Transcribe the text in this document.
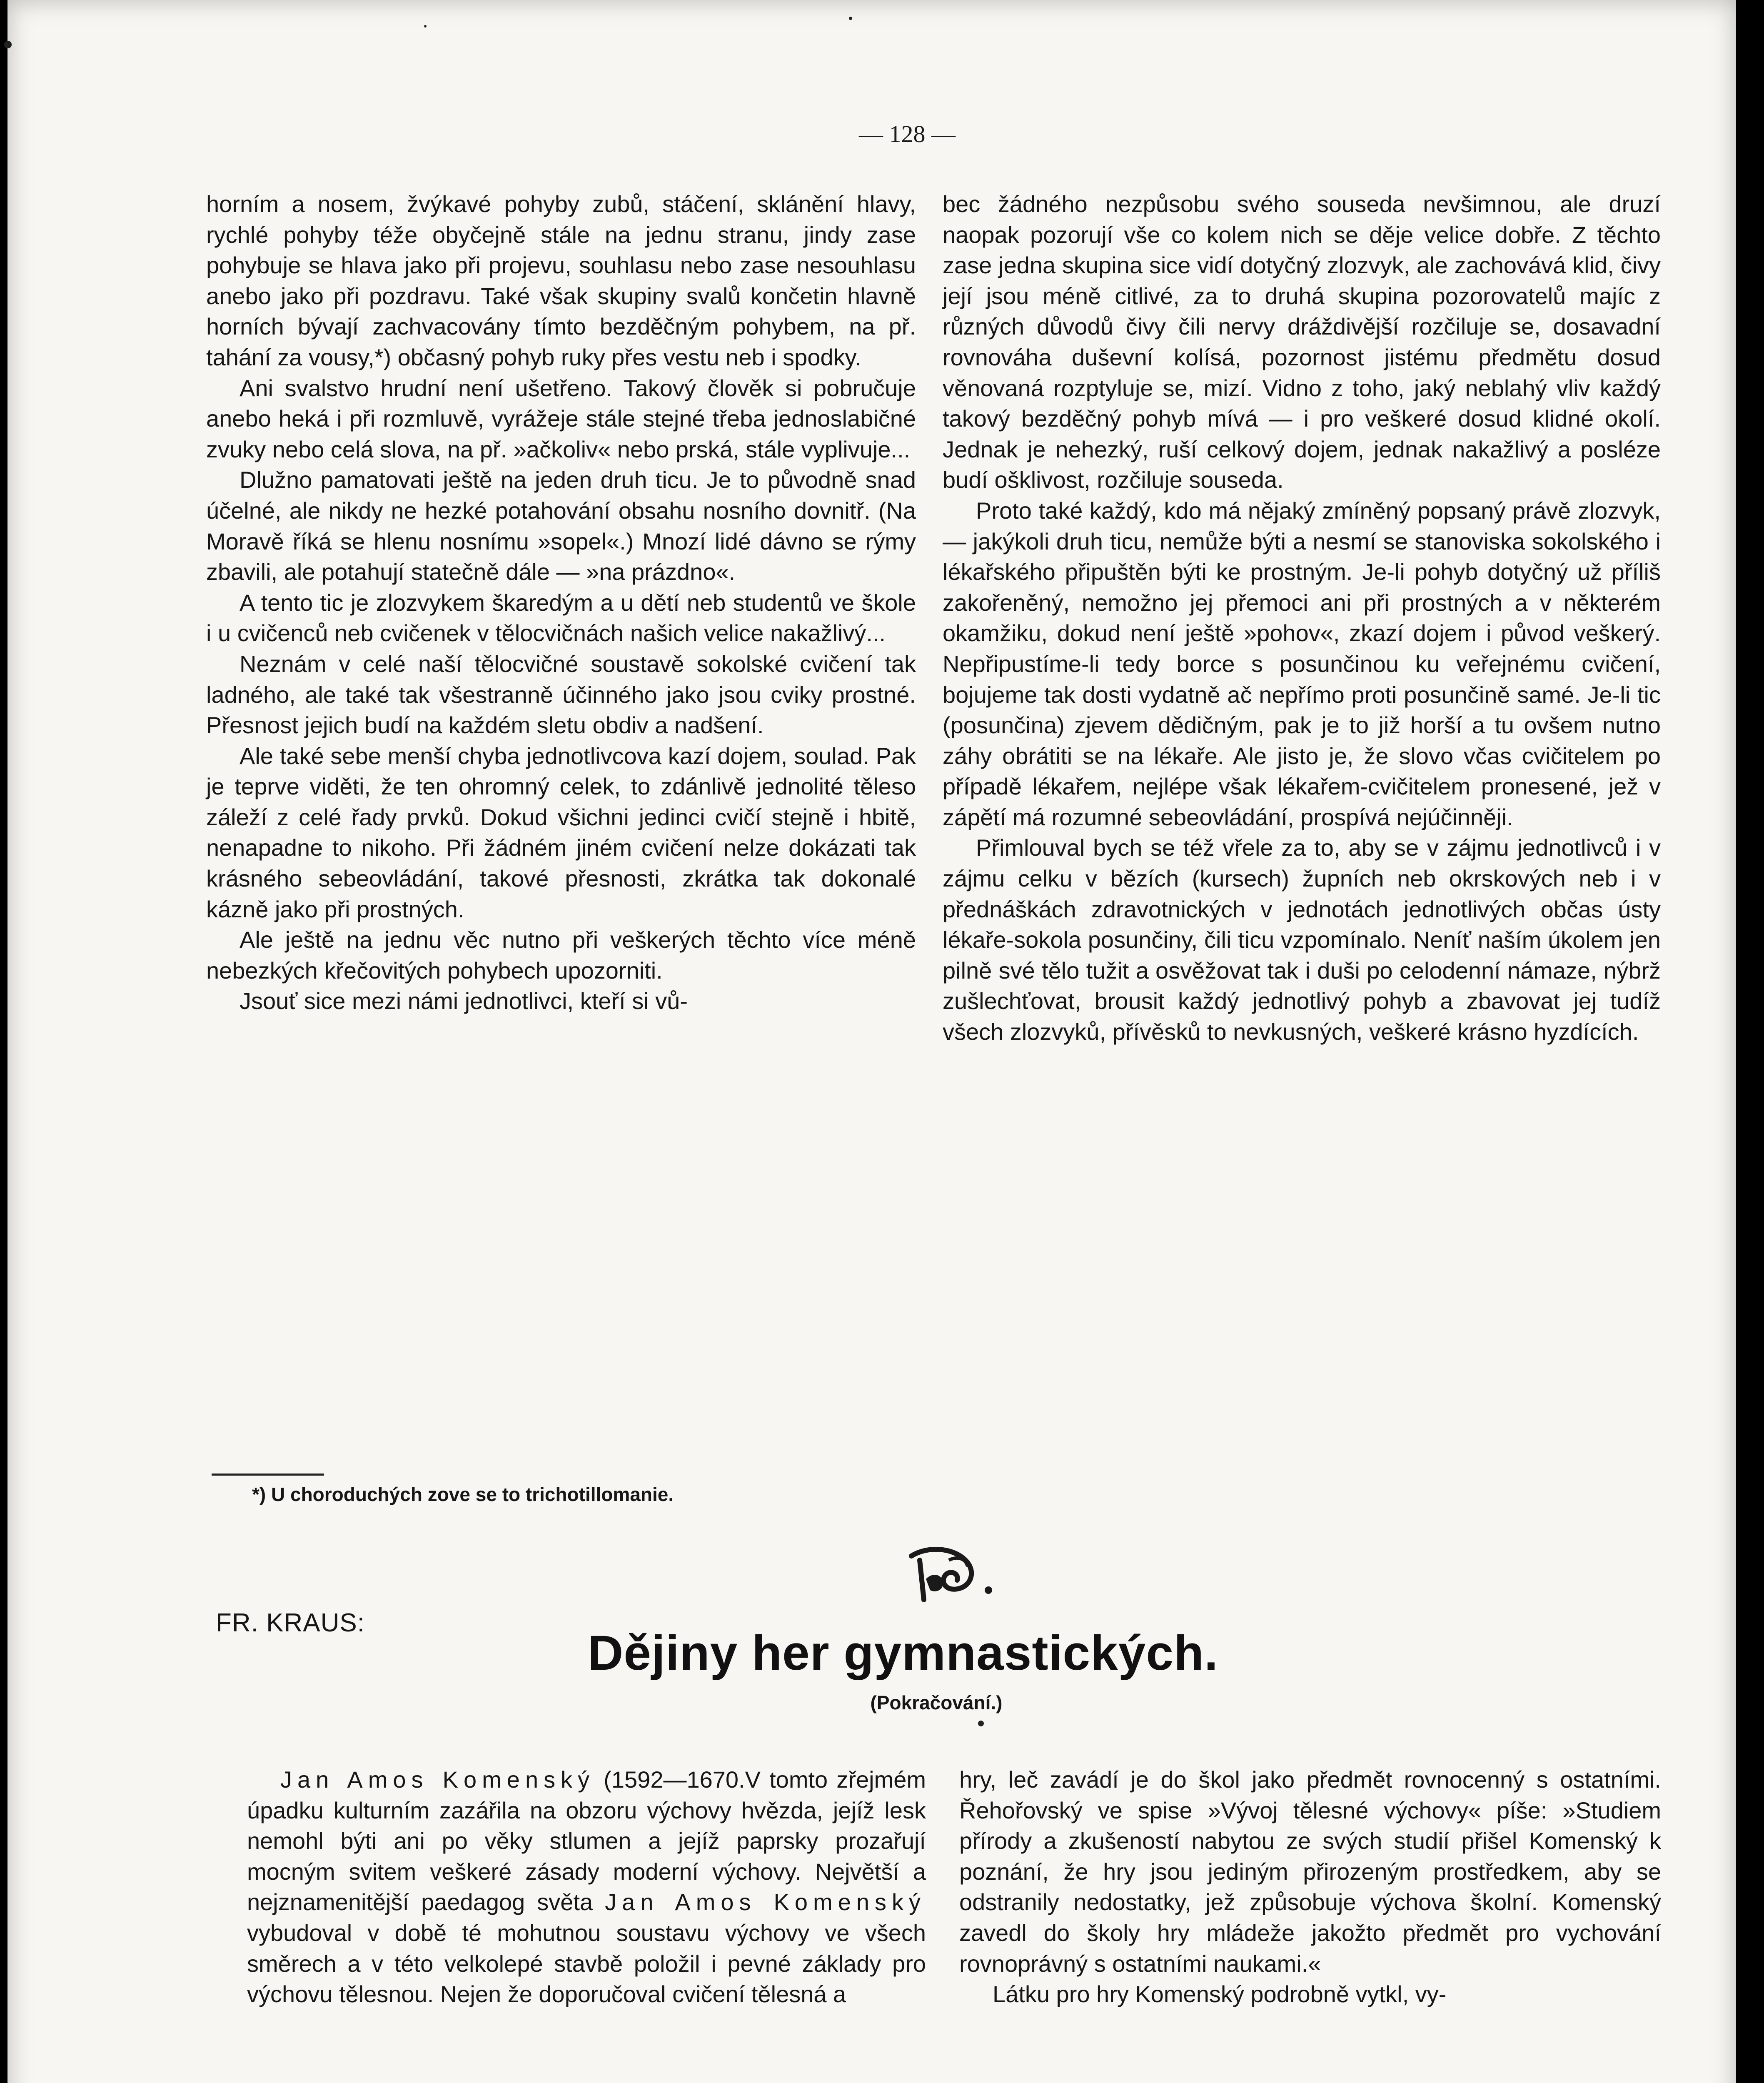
— 128 —

horním a nosem, žvýkavé pohyby zubů, stáčení, sklánění hlavy, rychlé pohyby téže obyčejně stále na jednu stranu, jindy zase pohybuje se hlava jako při projevu, souhlasu nebo zase nesouhlasu anebo jako při pozdravu. Také však skupiny svalů končetin hlavně horních bývají zachvacovány tímto bezděčným pohybem, na př. tahání za vousy,*) občasný pohyb ruky přes vestu neb i spodky.

Ani svalstvo hrudní není ušetřeno. Takový člověk si pobručuje anebo heká i při rozmluvě, vyrážeje stále stejné třeba jednoslabičné zvuky nebo celá slova, na př. »ačkoliv« nebo prská, stále vyplivuje...

Dlužno pamatovati ještě na jeden druh ticu. Je to původně snad účelné, ale nikdy ne hezké potahování obsahu nosního dovnitř. (Na Moravě říká se hlenu nosnímu »sopel«.) Mnozí lidé dávno se rýmy zbavili, ale potahují statečně dále — »na prázdno«.

A tento tic je zlozvykem škaredým a u dětí neb studentů ve škole i u cvičenců neb cvičenek v tělocvičnách našich velice nakažlivý...

Neznám v celé naší tělocvičné soustavě sokolské cvičení tak ladného, ale také tak všestranně účinného jako jsou cviky prostné. Přesnost jejich budí na každém sletu obdiv a nadšení.

Ale také sebe menší chyba jednotlivcova kazí dojem, soulad. Pak je teprve viděti, že ten ohromný celek, to zdánlivě jednolité těleso záleží z celé řady prvků. Dokud všichni jedinci cvičí stejně i hbitě, nenapadne to nikoho. Při žádném jiném cvičení nelze dokázati tak krásného sebeovládání, takové přesnosti, zkrátka tak dokonalé kázně jako při prostných.

Ale ještě na jednu věc nutno při veškerých těchto více méně nebezkých křečovitých pohybech upozorniti.

Jsouť sice mezi námi jednotlivci, kteří si vů-

bec žádného nezpůsobu svého souseda nevšimnou, ale druzí naopak pozorují vše co kolem nich se děje velice dobře. Z těchto zase jedna skupina sice vidí dotyčný zlozvyk, ale zachovává klid, čivy její jsou méně citlivé, za to druhá skupina pozorovatelů majíc z různých důvodů čivy čili nervy dráždivější rozčiluje se, dosavadní rovnováha duševní kolísá, pozornost jistému předmětu dosud věnovaná rozptyluje se, mizí. Vidno z toho, jaký neblahý vliv každý takový bezděčný pohyb mívá — i pro veškeré dosud klidné okolí. Jednak je nehezký, ruší celkový dojem, jednak nakažlivý a posléze budí ošklivost, rozčiluje souseda.

Proto také každý, kdo má nějaký zmíněný popsaný právě zlozvyk, — jakýkoli druh ticu, nemůže býti a nesmí se stanoviska sokolského i lékařského připuštěn býti ke prostným. Je-li pohyb dotyčný už příliš zakořeněný, nemožno jej přemoci ani při prostných a v některém okamžiku, dokud není ještě »pohov«, zkazí dojem i původ veškerý. Nepřipustíme-li tedy borce s posunčinou ku veřejnému cvičení, bojujeme tak dosti vydatně ač nepřímo proti posunčině samé. Je-li tic (posunčina) zjevem dědičným, pak je to již horší a tu ovšem nutno záhy obrátiti se na lékaře. Ale jisto je, že slovo včas cvičitelem po případě lékařem, nejlépe však lékařem-cvičitelem pronesené, jež v zápětí má rozumné sebeovládání, prospívá nejúčinněji.

Přimlouval bych se též vřele za to, aby se v zájmu jednotlivců i v zájmu celku v bězích (kursech) župních neb okrskových neb i v přednáškách zdravotnických v jednotách jednotlivých občas ústy lékaře-sokola posunčiny, čili ticu vzpomínalo. Neníť naším úkolem jen pilně své tělo tužit a osvěžovat tak i duši po celodenní námaze, nýbrž zušlechťovat, brousit každý jednotlivý pohyb a zbavovat jej tudíž všech zlozvyků, přívěsků to nevkusných, veškeré krásno hyzdících.

*) U choroduchých zove se to trichotillomanie.
FR. KRAUS:
Dějiny her gymnastických.
(Pokračování.)

Jan Amos Komenský (1592—1670.V tomto zřejmém úpadku kulturním zazářila na obzoru výchovy hvězda, jejíž lesk nemohl býti ani po věky stlumen a jejíž paprsky prozařují mocným svitem veškeré zásady moderní výchovy. Největší a nejznamenitější paedagog světa Jan Amos Komenský vybudoval v době té mohutnou soustavu výchovy ve všech směrech a v této velkolepé stavbě položil i pevné základy pro výchovu tělesnou. Nejen že doporučoval cvičení tělesná a

hry, leč zavádí je do škol jako předmět rovnocenný s ostatními. Řehořovský ve spise »Vývoj tělesné výchovy« píše: »Studiem přírody a zkušeností nabytou ze svých studií přišel Komenský k poznání, že hry jsou jediným přirozeným prostředkem, aby se odstranily nedostatky, jež způsobuje výchova školní. Komenský zavedl do školy hry mládeže jakožto předmět pro vychování rovnoprávný s ostatními naukami.«

Látku pro hry Komenský podrobně vytkl, vy-
